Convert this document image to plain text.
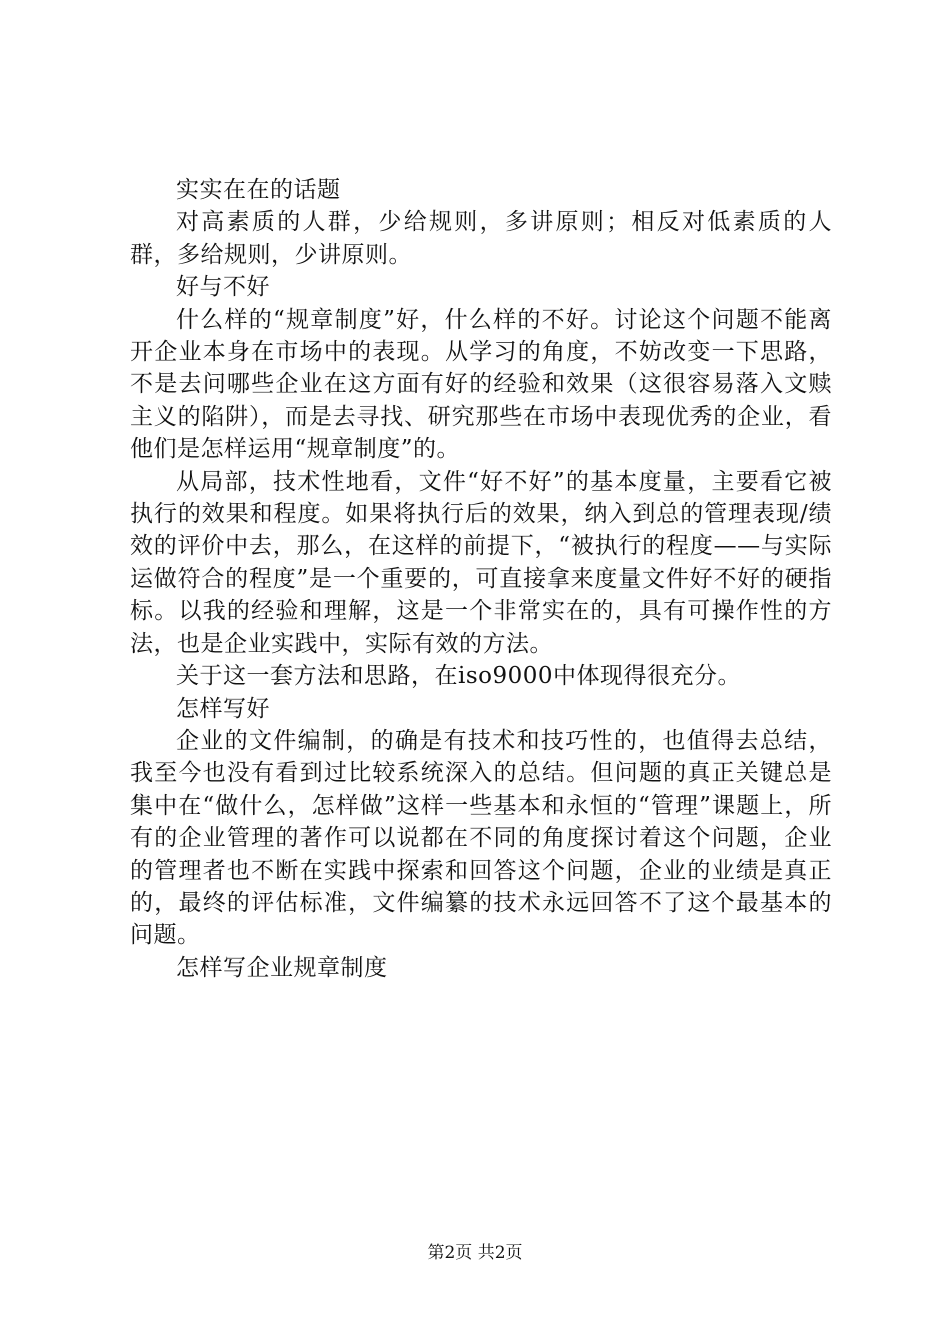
实实在在的话题

对高素质的人群，少给规则，多讲原则；相反对低素质的人群，多给规则，少讲原则。

好与不好

什么样的“规章制度”好，什么样的不好。讨论这个问题不能离开企业本身在市场中的表现。从学习的角度，不妨改变一下思路，不是去问哪些企业在这方面有好的经验和效果（这很容易落入文赎主义的陷阱），而是去寻找、研究那些在市场中表现优秀的企业，看他们是怎样运用“规章制度”的。

从局部，技术性地看，文件“好不好”的基本度量，主要看它被执行的效果和程度。如果将执行后的效果，纳入到总的管理表现/绩效的评价中去，那么，在这样的前提下，“被执行的程度——与实际运做符合的程度”是一个重要的，可直接拿来度量文件好不好的硬指标。以我的经验和理解，这是一个非常实在的，具有可操作性的方法，也是企业实践中，实际有效的方法。

关于这一套方法和思路，在iso9000中体现得很充分。

怎样写好

企业的文件编制，的确是有技术和技巧性的，也值得去总结，我至今也没有看到过比较系统深入的总结。但问题的真正关键总是集中在“做什么，怎样做”这样一些基本和永恒的“管理”课题上，所有的企业管理的著作可以说都在不同的角度探讨着这个问题，企业的管理者也不断在实践中探索和回答这个问题，企业的业绩是真正的，最终的评估标准，文件编纂的技术永远回答不了这个最基本的问题。

怎样写企业规章制度

第2页 共2页
